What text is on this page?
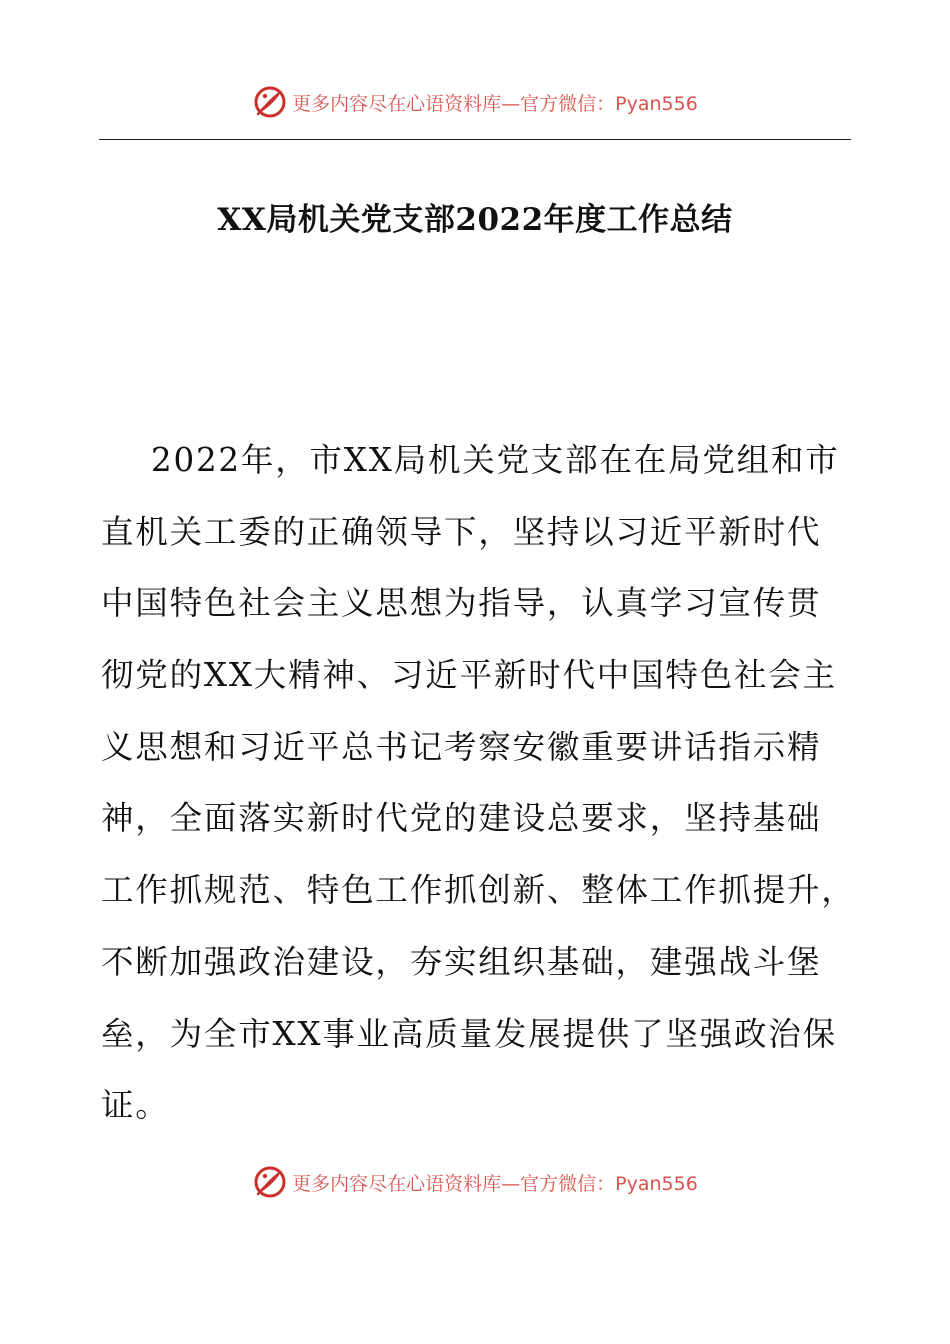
更多内容尽在心语资料库—官方微信：Pyan556
XX局机关党支部2022年度工作总结
2022年，市XX局机关党支部在在局党组和市
直机关工委的正确领导下，坚持以习近平新时代
中国特色社会主义思想为指导，认真学习宣传贯
彻党的XX大精神、习近平新时代中国特色社会主
义思想和习近平总书记考察安徽重要讲话指示精
神，全面落实新时代党的建设总要求，坚持基础
工作抓规范、特色工作抓创新、整体工作抓提升，
不断加强政治建设，夯实组织基础，建强战斗堡
垒，为全市XX事业高质量发展提供了坚强政治保
证。
更多内容尽在心语资料库—官方微信：Pyan556
